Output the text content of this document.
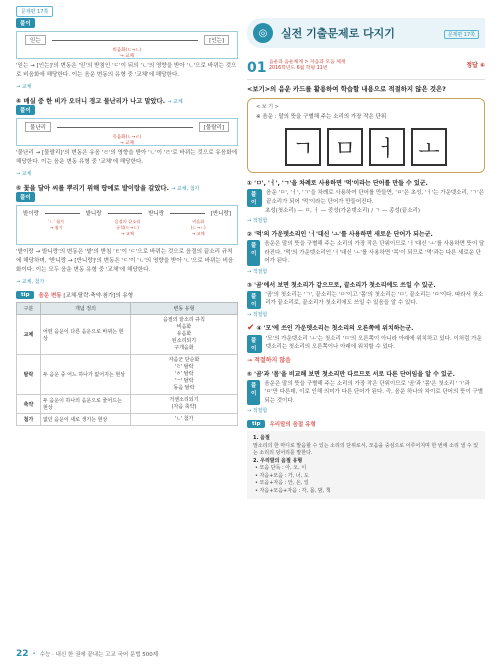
문제편 17쪽
풀이
읻는	[인는]
비음화(ㄷ→ㄴ)
→ 교체
'읻는 → [인는]'의 변동은 '읻'의 받침인 'ㄷ'이 뒤의 'ㄴ'의 영향을 받아 'ㄴ'으로 바뀌는 것으로 비음화에 해당한다. 이는 음운 변동의 유형 중 '교체'에 해당한다.
→ 교체
④ 매실 중 한 비가 오더니 경고 물난리가 나고 말았다. → 교체
풀이
물난리	[물랄리]
유음화(ㄴ→ㄹ)
→ 교체
'물난리 → [물랄리]'의 변동은 유음 'ㄹ'의 영향을 받아 'ㄴ'이 'ㄹ'로 바뀌는 것으로 유음화에 해당한다. 이는 음운 변동 유형 중 '교체'에 해당한다.
→ 교체
⑤ 꽃을 달아 씨를 뿌리기 위해 땅에로 밭이랑을 갈았다. → 교체, 첨가
풀이
밭이랑	밭니랑	받니랑	[반니랑]
'ㄴ' 첨가
→ 첨가
음절의 끝소리
규칙(ㅌ→ㄷ)
→ 교체
비음화
(ㄷ→ㄴ)
→ 교체
'밭이랑 → 밭니랑'의 변동은 '밭'의 받침 'ㅌ'이 'ㄷ'으로 바뀌는 것으로 음절의 끝소리 규칙에 해당하며, '받니랑 → [반니랑]'의 변동은 'ㄷ'이 'ㄴ'의 영향을 받아 'ㄴ'으로 바뀌는 비음화이다. 이는 모두 음운 변동 유형 중 '교체'에 해당한다.
→ 교체, 첨가
tip	음운 변동 [교체·탈락·축약·첨가]의 유형
구분	개념 정의	변동 유형
교체	어떤 음운이 다른 음운으로 바뀌는 현상	음절의 끝소리 규칙
비음화
유음화
된소리되기
구개음화
탈락	두 음운 중 어느 하나가 없어지는 현상	자음군 단순화
'ㄹ' 탈락
'ㅎ' 탈락
'ㅡ' 탈락
동음 탈락
축약	두 음운이 하나의 음운으로 줄어드는 현상	거센소리되기
(자음 축약)
첨가	없던 음운이 새로 생기는 현상	'ㄴ' 첨가
◎	실전 기출문제로 다지기	문제편 17쪽
01 음운과 음운체계 > 자음과 모음 체계
2016학년도 6월 학평 11번	정답 ④
<보기>의 음운 카드를 활용하여 학습할 내용으로 적절하지 않은 것은?
< 보 기 >
※ 음운 : 말의 뜻을 구별해 주는 소리의 가장 작은 단위
ㄱ ㅁ ㅓ ㅗ
① 'ㅁ', 'ㅓ', 'ㄱ'을 차례로 사용하면 '먹'이라는 단어를 만들 수 있군.
풀이
음운 'ㅁ', 'ㅓ', 'ㄱ'을 차례로 사용하여 단어를 만들면, 'ㅁ'은 초성, 'ㅓ'는 가운뎃소리, 'ㄱ'은 끝소리가 되어 '먹'이라는 단어가 만들어진다.
초성(첫소리) — ㅁ, ㅓ — 중성(가운뎃소리) / ㄱ — 종성(끝소리)
→ 적절함
② '먹'의 가운뎃소리인 'ㅓ'대신 'ㅗ'를 사용하면 새로운 단어가 되는군.
풀이
음운은 말의 뜻을 구별해 주는 소리의 가장 작은 단위이므로 'ㅓ'대신 'ㅗ'를 사용하면 뜻이 달라진다. '먹'의 가운뎃소리인 'ㅓ'대신 'ㅗ'를 사용하면 '목'이 되므로 '먹'과는 다른 새로운 단어가 된다.
→ 적절함
③ '곰'에서 보면 첫소리가 같으므로, 끝소리가 첫소리에도 쓰일 수 있군.
풀이
'곰'의 첫소리는 'ㄱ', 끝소리는 'ㅁ'이고 '몸'의 첫소리는 'ㅁ', 끝소리는 'ㅁ'이다. 따라서 첫소리가 끝소리로, 끝소리가 첫소리에도 쓰일 수 있음을 알 수 있다.
→ 적절함
✔ ④ '모'에 쓰인 가운뎃소리는 첫소리의 오른쪽에 위치하는군.
풀이
'모'의 가운뎃소리 'ㅗ'는 첫소리 'ㅁ'의 오른쪽이 아니라 아래에 위치하고 있다. 이처럼 가운뎃소리는 첫소리의 오른쪽이나 아래에 위치할 수 있다.
→ 적절하지 않음
⑤ '곰'과 '몸'을 비교해 보면 첫소리만 다르므로 서로 다른 단어임을 알 수 있군.
풀이
음운은 말의 뜻을 구별해 주는 소리의 가장 작은 단위이므로 '곰'과 '몸'은 첫소리 'ㄱ'과 'ㅁ'만 다른데, 이로 인해 의미가 다른 단어가 된다. 즉, 음운 하나의 차이로 단어의 뜻이 구별되는 것이다.
→ 적절함
tip	우리말의 음절 유형
1. 음절
말소리의 한 마디로 발음할 수 있는 소리의 단위로서, 모음을 중심으로 이루어지며 한 번에 소리 낼 수 있는 소리의 덩어리를 말한다.
2. 우리말의 음절 유형
• 모음 단독 : 아, 오, 이
• 자음+모음 : 가, 너, 도
• 모음+자음 : 안, 온, 일
• 자음+모음+자음 : 각, 몸, 밤, 책
22 • 수능 · 내신 한 권에 끝내는 고교 국어 문법 500제
